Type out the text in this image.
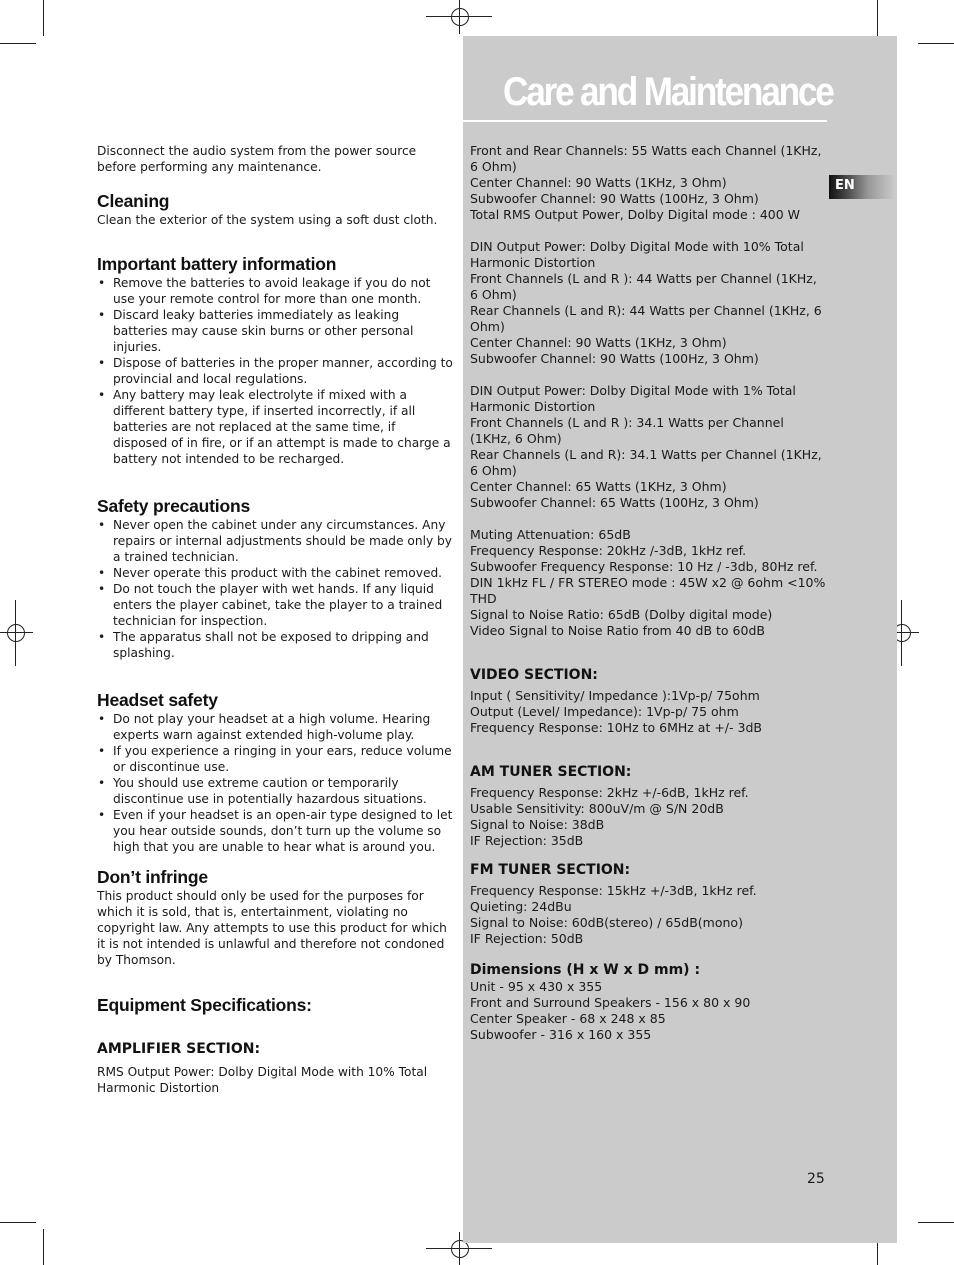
Care and Maintenance
EN

Disconnect the audio system from the power source before performing any maintenance.

Cleaning

Clean the exterior of the system using a soft dust cloth.

Important battery information
• Remove the batteries to avoid leakage if you do not use your remote control for more than one month.
• Discard leaky batteries immediately as leaking batteries may cause skin burns or other personal injuries.
• Dispose of batteries in the proper manner, according to provincial and local regulations.
• Any battery may leak electrolyte if mixed with a different battery type, if inserted incorrectly, if all batteries are not replaced at the same time, if disposed of in fire, or if an attempt is made to charge a battery not intended to be recharged.
Safety precautions
• Never open the cabinet under any circumstances. Any repairs or internal adjustments should be made only by a trained technician.
• Never operate this product with the cabinet removed.
• Do not touch the player with wet hands. If any liquid enters the player cabinet, take the player to a trained technician for inspection.
• The apparatus shall not be exposed to dripping and splashing.
Headset safety
• Do not play your headset at a high volume. Hearing experts warn against extended high-volume play.
• If you experience a ringing in your ears, reduce volume or discontinue use.
• You should use extreme caution or temporarily discontinue use in potentially hazardous situations.
• Even if your headset is an open-air type designed to let you hear outside sounds, don’t turn up the volume so high that you are unable to hear what is around you.
Don’t infringe

This product should only be used for the purposes for which it is sold, that is, entertainment, violating no copyright law. Any attempts to use this product for which it is not intended is unlawful and therefore not condoned by Thomson.

Equipment Specifications:
AMPLIFIER SECTION:

RMS Output Power: Dolby Digital Mode with 10% Total Harmonic Distortion

Front and Rear Channels: 55 Watts each Channel (1KHz, 6 Ohm)
Center Channel: 90 Watts (1KHz, 3 Ohm)
Subwoofer Channel: 90 Watts (100Hz, 3 Ohm)
Total RMS Output Power, Dolby Digital mode : 400 W
DIN Output Power: Dolby Digital Mode with 10% Total Harmonic Distortion
Front Channels (L and R ): 44 Watts per Channel (1KHz, 6 Ohm)
Rear Channels (L and R): 44 Watts per Channel (1KHz, 6 Ohm)
Center Channel: 90 Watts (1KHz, 3 Ohm)
Subwoofer Channel: 90 Watts (100Hz, 3 Ohm)
DIN Output Power: Dolby Digital Mode with 1% Total Harmonic Distortion
Front Channels (L and R ): 34.1 Watts per Channel (1KHz, 6 Ohm)
Rear Channels (L and R): 34.1 Watts per Channel (1KHz, 6 Ohm)
Center Channel: 65 Watts (1KHz, 3 Ohm)
Subwoofer Channel: 65 Watts (100Hz, 3 Ohm)
Muting Attenuation: 65dB
Frequency Response: 20kHz /-3dB, 1kHz ref.
Subwoofer Frequency Response: 10 Hz / -3db, 80Hz ref.
DIN 1kHz FL / FR STEREO mode : 45W x2 @ 6ohm <10% THD
Signal to Noise Ratio: 65dB (Dolby digital mode)
Video Signal to Noise Ratio from 40 dB to 60dB
VIDEO SECTION:
Input ( Sensitivity/ Impedance ):1Vp-p/ 75ohm
Output (Level/ Impedance): 1Vp-p/ 75 ohm
Frequency Response: 10Hz to 6MHz at +/- 3dB
AM TUNER SECTION:
Frequency Response: 2kHz +/-6dB, 1kHz ref.
Usable Sensitivity: 800uV/m @ S/N 20dB
Signal to Noise: 38dB
IF Rejection: 35dB
FM TUNER SECTION:
Frequency Response: 15kHz +/-3dB, 1kHz ref.
Quieting: 24dBu
Signal to Noise: 60dB(stereo) / 65dB(mono)
IF Rejection: 50dB
Dimensions (H x W x D mm) :
Unit - 95 x 430 x 355
Front and Surround Speakers - 156 x 80 x 90
Center Speaker - 68 x 248 x 85
Subwoofer - 316 x 160 x 355
25
